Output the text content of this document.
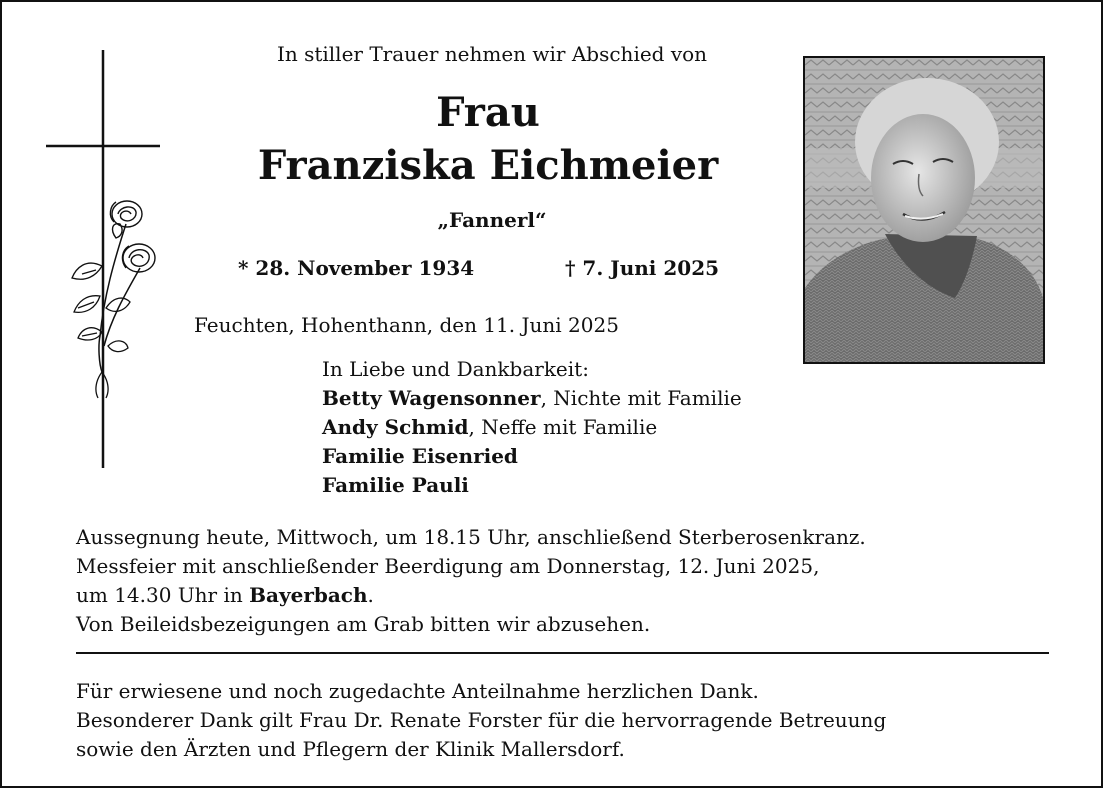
In stiller Trauer nehmen wir Abschied von
Frau
Franziska Eichmeier
„Fannerl“
* 28. November 1934	† 7. Juni 2025
Feuchten, Hohenthann, den 11. Juni 2025
In Liebe und Dankbarkeit:
Betty Wagensonner, Nichte mit Familie
Andy Schmid, Neffe mit Familie
Familie Eisenried
Familie Pauli
Aussegnung heute, Mittwoch, um 18.15 Uhr, anschließend Sterberosenkranz.
Messfeier mit anschließender Beerdigung am Donnerstag, 12. Juni 2025,
um 14.30 Uhr in Bayerbach.
Von Beileidsbezeigungen am Grab bitten wir abzusehen.
Für erwiesene und noch zugedachte Anteilnahme herzlichen Dank.
Besonderer Dank gilt Frau Dr. Renate Forster für die hervorragende Betreuung
sowie den Ärzten und Pflegern der Klinik Mallersdorf.
